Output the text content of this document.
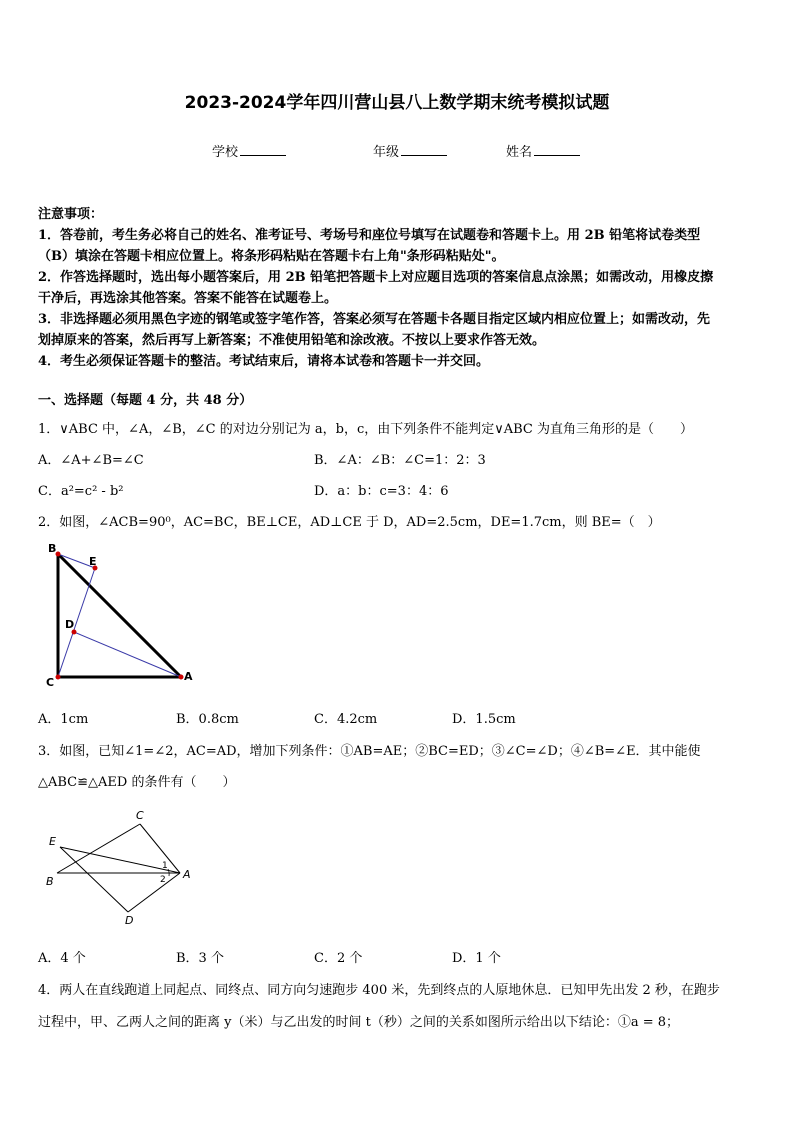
2023-2024学年四川营山县八上数学期末统考模拟试题
学校	年级	姓名
注意事项：
1．答卷前，考生务必将自己的姓名、准考证号、考场号和座位号填写在试题卷和答题卡上。用 2B 铅笔将试卷类型
（B）填涂在答题卡相应位置上。将条形码粘贴在答题卡右上角"条形码粘贴处"。
2．作答选择题时，选出每小题答案后，用 2B 铅笔把答题卡上对应题目选项的答案信息点涂黑；如需改动，用橡皮擦
干净后，再选涂其他答案。答案不能答在试题卷上。
3．非选择题必须用黑色字迹的钢笔或签字笔作答，答案必须写在答题卡各题目指定区域内相应位置上；如需改动，先
划掉原来的答案，然后再写上新答案；不准使用铅笔和涂改液。不按以上要求作答无效。
4．考生必须保证答题卡的整洁。考试结束后，请将本试卷和答题卡一并交回。
一、选择题（每题 4 分，共 48 分）
1．∨ABC 中，∠A，∠B，∠C 的对边分别记为 a，b，c，由下列条件不能判定∨ABC 为直角三角形的是（　　）
A．∠A+∠B=∠C	B．∠A：∠B：∠C=1：2：3
C．a²=c² - b²	D．a：b：c=3：4：6
2．如图，∠ACB=90⁰，AC=BC，BE⊥CE，AD⊥CE 于 D，AD=2.5cm，DE=1.7cm，则 BE=（　）
B
E
D
C	A
A．1cm	B．0.8cm	C．4.2cm	D．1.5cm
3．如图，已知∠1=∠2，AC=AD，增加下列条件：①AB=AE；②BC=ED；③∠C=∠D；④∠B=∠E．其中能使
△ABC≌△AED 的条件有（　　）
C
E
B
A
D
1
2
A．4 个	B．3 个	C．2 个	D．1 个
4．两人在直线跑道上同起点、同终点、同方向匀速跑步 400 米，先到终点的人原地休息．已知甲先出发 2 秒，在跑步
过程中，甲、乙两人之间的距离 y（米）与乙出发的时间 t（秒）之间的关系如图所示给出以下结论：①a = 8；
